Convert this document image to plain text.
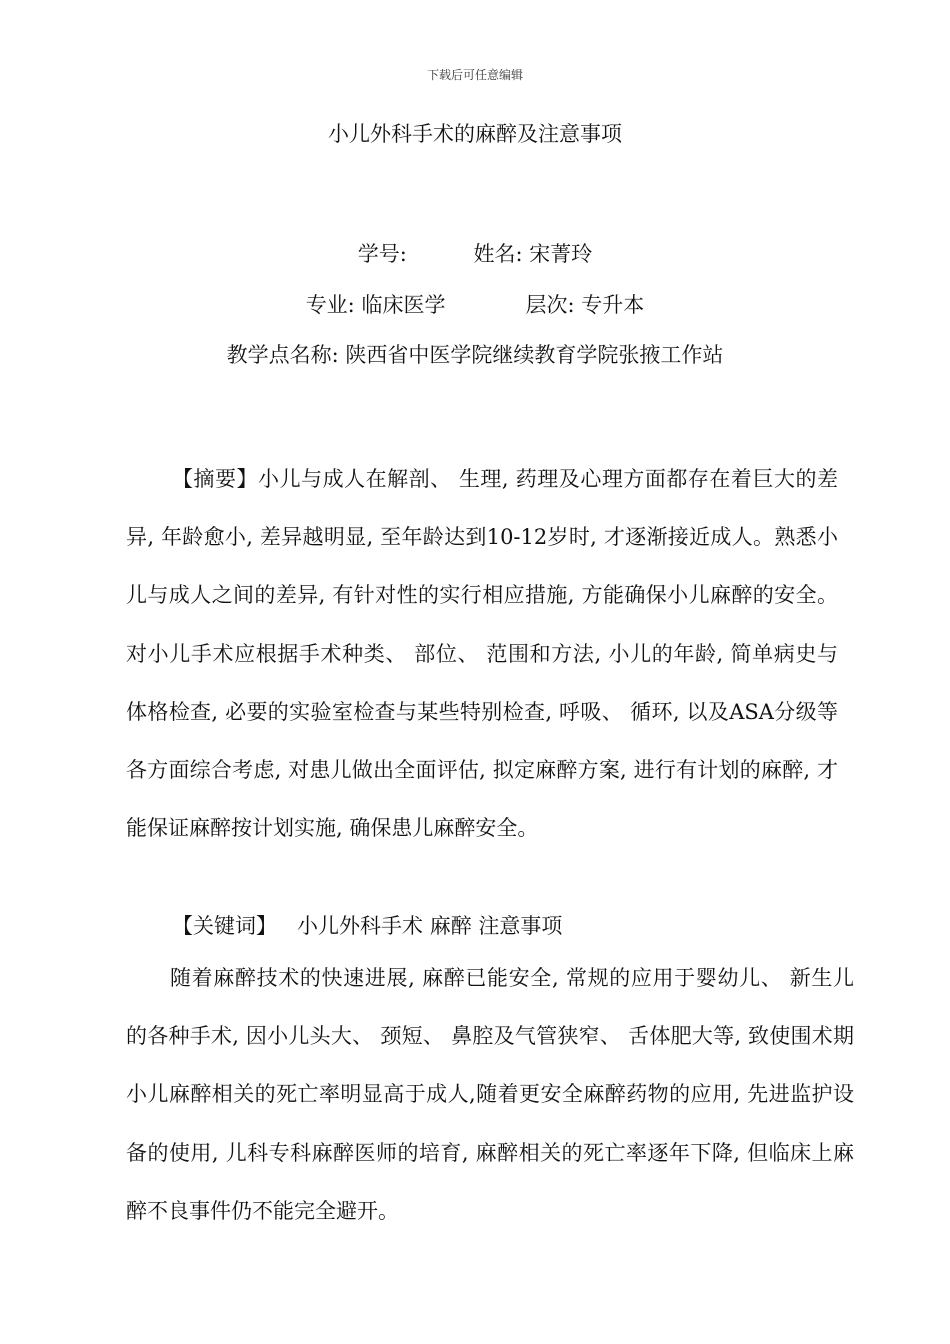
下载后可任意编辑
小儿外科手术的麻醉及注意事项
学号:          姓名: 宋菁玲
专业: 临床医学            层次: 专升本
教学点名称: 陕西省中医学院继续教育学院张掖工作站
【摘要】小儿与成人在解剖、 生理, 药理及心理方面都存在着巨大的差异, 年龄愈小, 差异越明显, 至年龄达到10-12岁时, 才逐渐接近成人。熟悉小儿与成人之间的差异, 有针对性的实行相应措施, 方能确保小儿麻醉的安全。对小儿手术应根据手术种类、 部位、 范围和方法, 小儿的年龄, 简单病史与体格检查, 必要的实验室检查与某些特别检查, 呼吸、 循环, 以及ASA分级等各方面综合考虑, 对患儿做出全面评估, 拟定麻醉方案, 进行有计划的麻醉, 才能保证麻醉按计划实施, 确保患儿麻醉安全。
【关键词】   小儿外科手术 麻醉 注意事项
随着麻醉技术的快速进展, 麻醉已能安全, 常规的应用于婴幼儿、 新生儿的各种手术, 因小儿头大、 颈短、 鼻腔及气管狭窄、 舌体肥大等, 致使围术期小儿麻醉相关的死亡率明显高于成人,随着更安全麻醉药物的应用, 先进监护设备的使用, 儿科专科麻醉医师的培育, 麻醉相关的死亡率逐年下降, 但临床上麻醉不良事件仍不能完全避开。
